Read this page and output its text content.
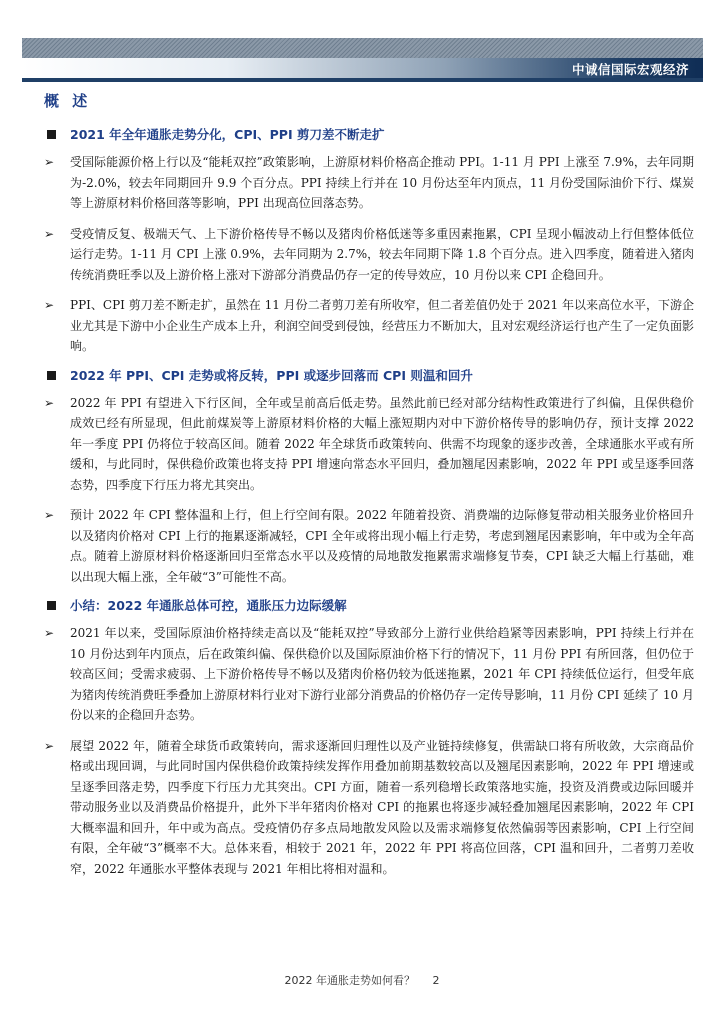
中诚信国际宏观经济
概 述
2021 年全年通胀走势分化，CPI、PPI 剪刀差不断走扩
➢ 受国际能源价格上行以及“能耗双控”政策影响，上游原材料价格高企推动 PPI。1-11 月 PPI 上涨至 7.9%，去年同期为-2.0%，较去年同期回升 9.9 个百分点。PPI 持续上行并在 10 月份达至年内顶点，11 月份受国际油价下行、煤炭等上游原材料价格回落等影响，PPI 出现高位回落态势。
➢ 受疫情反复、极端天气、上下游价格传导不畅以及猪肉价格低迷等多重因素拖累，CPI 呈现小幅波动上行但整体低位运行走势。1-11 月 CPI 上涨 0.9%，去年同期为 2.7%，较去年同期下降 1.8 个百分点。进入四季度，随着进入猪肉传统消费旺季以及上游价格上涨对下游部分消费品仍存一定的传导效应，10 月份以来 CPI 企稳回升。
➢ PPI、CPI 剪刀差不断走扩，虽然在 11 月份二者剪刀差有所收窄，但二者差值仍处于 2021 年以来高位水平，下游企业尤其是下游中小企业生产成本上升，利润空间受到侵蚀，经营压力不断加大，且对宏观经济运行也产生了一定负面影响。
2022 年 PPI、CPI 走势或将反转，PPI 或逐步回落而 CPI 则温和回升
➢ 2022 年 PPI 有望进入下行区间，全年或呈前高后低走势。虽然此前已经对部分结构性政策进行了纠偏，且保供稳价成效已经有所显现，但此前煤炭等上游原材料价格的大幅上涨短期内对中下游价格传导的影响仍存，预计支撑 2022 年一季度 PPI 仍将位于较高区间。随着 2022 年全球货币政策转向、供需不均现象的逐步改善，全球通胀水平或有所缓和，与此同时，保供稳价政策也将支持 PPI 增速向常态水平回归，叠加翘尾因素影响，2022 年 PPI 或呈逐季回落态势，四季度下行压力将尤其突出。
➢ 预计 2022 年 CPI 整体温和上行，但上行空间有限。2022 年随着投资、消费端的边际修复带动相关服务业价格回升以及猪肉价格对 CPI 上行的拖累逐渐减轻，CPI 全年或将出现小幅上行走势，考虑到翘尾因素影响，年中或为全年高点。随着上游原材料价格逐渐回归至常态水平以及疫情的局地散发拖累需求端修复节奏，CPI 缺乏大幅上行基础，难以出现大幅上涨，全年破“3”可能性不高。
小结：2022 年通胀总体可控，通胀压力边际缓解
➢ 2021 年以来，受国际原油价格持续走高以及“能耗双控”导致部分上游行业供给趋紧等因素影响，PPI 持续上行并在 10 月份达到年内顶点，后在政策纠偏、保供稳价以及国际原油价格下行的情况下，11 月份 PPI 有所回落，但仍位于较高区间；受需求疲弱、上下游价格传导不畅以及猪肉价格仍较为低迷拖累，2021 年 CPI 持续低位运行，但受年底为猪肉传统消费旺季叠加上游原材料行业对下游行业部分消费品的价格仍存一定传导影响，11 月份 CPI 延续了 10 月份以来的企稳回升态势。
➢ 展望 2022 年，随着全球货币政策转向，需求逐渐回归理性以及产业链持续修复，供需缺口将有所收敛，大宗商品价格或出现回调，与此同时国内保供稳价政策持续发挥作用叠加前期基数较高以及翘尾因素影响，2022 年 PPI 增速或呈逐季回落走势，四季度下行压力尤其突出。CPI 方面，随着一系列稳增长政策落地实施，投资及消费或边际回暖并带动服务业以及消费品价格提升，此外下半年猪肉价格对 CPI 的拖累也将逐步减轻叠加翘尾因素影响，2022 年 CPI 大概率温和回升，年中或为高点。受疫情仍存多点局地散发风险以及需求端修复依然偏弱等因素影响，CPI 上行空间有限，全年破“3”概率不大。总体来看，相较于 2021 年，2022 年 PPI 将高位回落，CPI 温和回升，二者剪刀差收窄，2022 年通胀水平整体表现与 2021 年相比将相对温和。
2022 年通胀走势如何看？ 2
